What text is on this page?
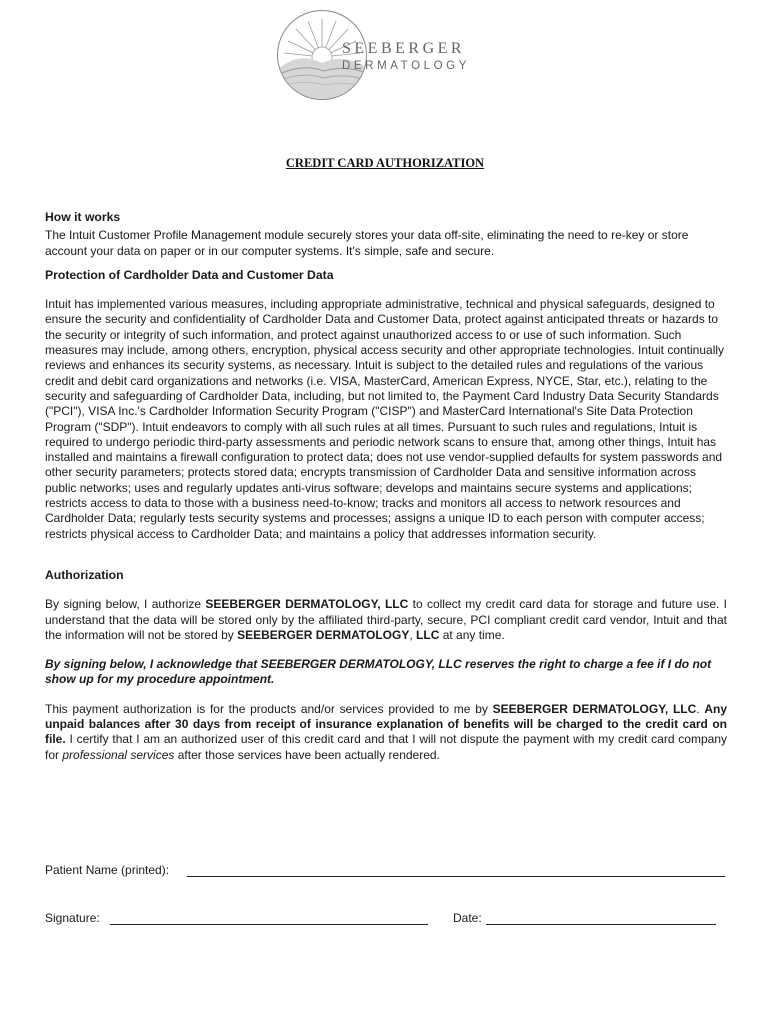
SEEBERGER
DERMATOLOGY
CREDIT CARD AUTHORIZATION

How it works

The Intuit Customer Profile Management module securely stores your data off-site, eliminating the need to re-key or store account your data on paper or in our computer systems. It's simple, safe and secure.

Protection of Cardholder Data and Customer Data

Intuit has implemented various measures, including appropriate administrative, technical and physical safeguards, designed to ensure the security and confidentiality of Cardholder Data and Customer Data, protect against anticipated threats or hazards to the security or integrity of such information, and protect against unauthorized access to or use of such information. Such measures may include, among others, encryption, physical access security and other appropriate technologies. Intuit continually reviews and enhances its security systems, as necessary. Intuit is subject to the detailed rules and regulations of the various credit and debit card organizations and networks (i.e. VISA, MasterCard, American Express, NYCE, Star, etc.), relating to the security and safeguarding of Cardholder Data, including, but not limited to, the Payment Card Industry Data Security Standards ("PCI"), VISA Inc.'s Cardholder Information Security Program ("CISP") and MasterCard International's Site Data Protection Program ("SDP"). Intuit endeavors to comply with all such rules at all times. Pursuant to such rules and regulations, Intuit is required to undergo periodic third-party assessments and periodic network scans to ensure that, among other things, Intuit has installed and maintains a firewall configuration to protect data; does not use vendor-supplied defaults for system passwords and other security parameters; protects stored data; encrypts transmission of Cardholder Data and sensitive information across public networks; uses and regularly updates anti-virus software; develops and maintains secure systems and applications; restricts access to data to those with a business need-to-know; tracks and monitors all access to network resources and Cardholder Data; regularly tests security systems and processes; assigns a unique ID to each person with computer access; restricts physical access to Cardholder Data; and maintains a policy that addresses information security.

Authorization

By signing below, I authorize SEEBERGER DERMATOLOGY, LLC to collect my credit card data for storage and future use. I understand that the data will be stored only by the affiliated third-party, secure, PCI compliant credit card vendor, Intuit and that the information will not be stored by SEEBERGER DERMATOLOGY, LLC at any time.

By signing below, I acknowledge that SEEBERGER DERMATOLOGY, LLC reserves the right to charge a fee if I do not show up for my procedure appointment.

This payment authorization is for the products and/or services provided to me by SEEBERGER DERMATOLOGY, LLC. Any unpaid balances after 30 days from receipt of insurance explanation of benefits will be charged to the credit card on file. I certify that I am an authorized user of this credit card and that I will not dispute the payment with my credit card company for professional services after those services have been actually rendered.

Patient Name (printed):
Signature:	Date:
